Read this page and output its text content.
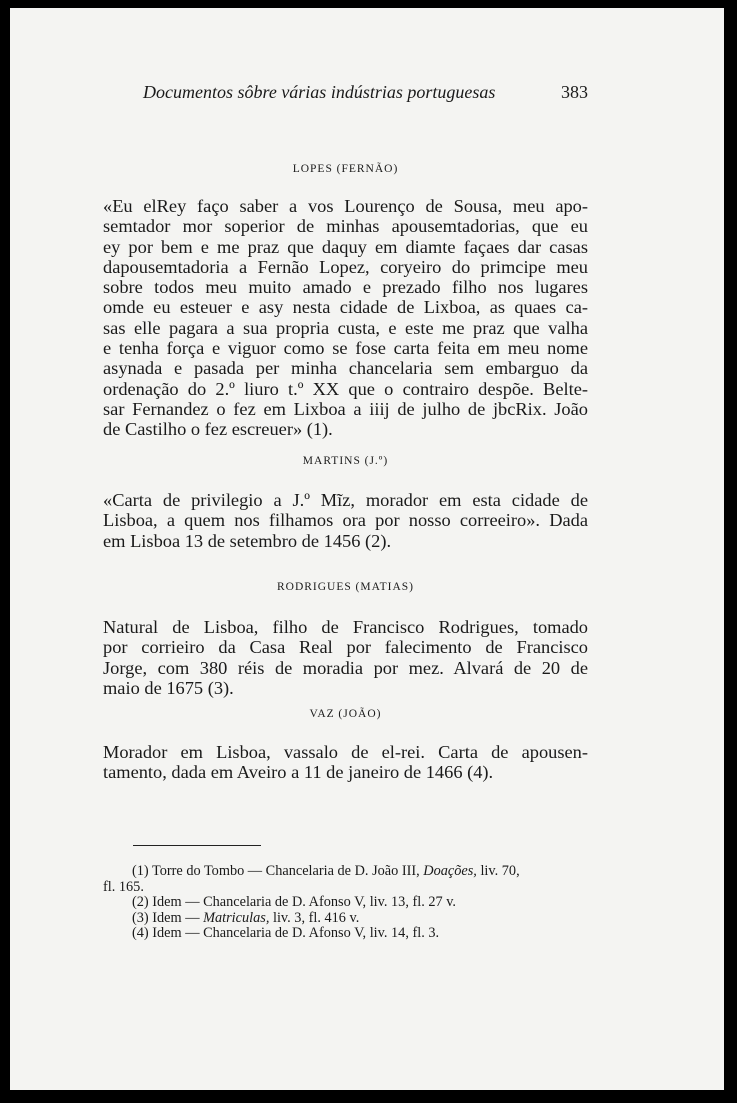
Documentos sôbre várias indústrias portuguesas	383
LOPES (FERNÃO)
«Eu elRey faço saber a vos Lourenço de Sousa, meu apo-
semtador mor soperior de minhas apousemtadorias, que eu
ey por bem e me praz que daquy em diamte façaes dar casas
dapousemtadoria a Fernão Lopez, coryeiro do primcipe meu
sobre todos meu muito amado e prezado filho nos lugares
omde eu esteuer e asy nesta cidade de Lixboa, as quaes ca-
sas elle pagara a sua propria custa, e este me praz que valha
e tenha força e viguor como se fose carta feita em meu nome
asynada e pasada per minha chancelaria sem embarguo da
ordenação do 2.º liuro t.º XX que o contrairo despõe. Belte-
sar Fernandez o fez em Lixboa a iiij de julho de jbcRix. João
de Castilho o fez escreuer» (1).
MARTINS (J.º)
«Carta de privilegio a J.º Mĩz, morador em esta cidade de
Lisboa, a quem nos filhamos ora por nosso correeiro». Dada
em Lisboa 13 de setembro de 1456 (2).
RODRIGUES (MATIAS)
Natural de Lisboa, filho de Francisco Rodrigues, tomado
por corrieiro da Casa Real por falecimento de Francisco
Jorge, com 380 réis de moradia por mez. Alvará de 20 de
maio de 1675 (3).
VAZ (JOÃO)
Morador em Lisboa, vassalo de el-rei. Carta de apousen-
tamento, dada em Aveiro a 11 de janeiro de 1466 (4).
(1) Torre do Tombo — Chancelaria de D. João III, Doações, liv. 70,
fl. 165.
(2) Idem — Chancelaria de D. Afonso V, liv. 13, fl. 27 v.
(3) Idem — Matriculas, liv. 3, fl. 416 v.
(4) Idem — Chancelaria de D. Afonso V, liv. 14, fl. 3.
